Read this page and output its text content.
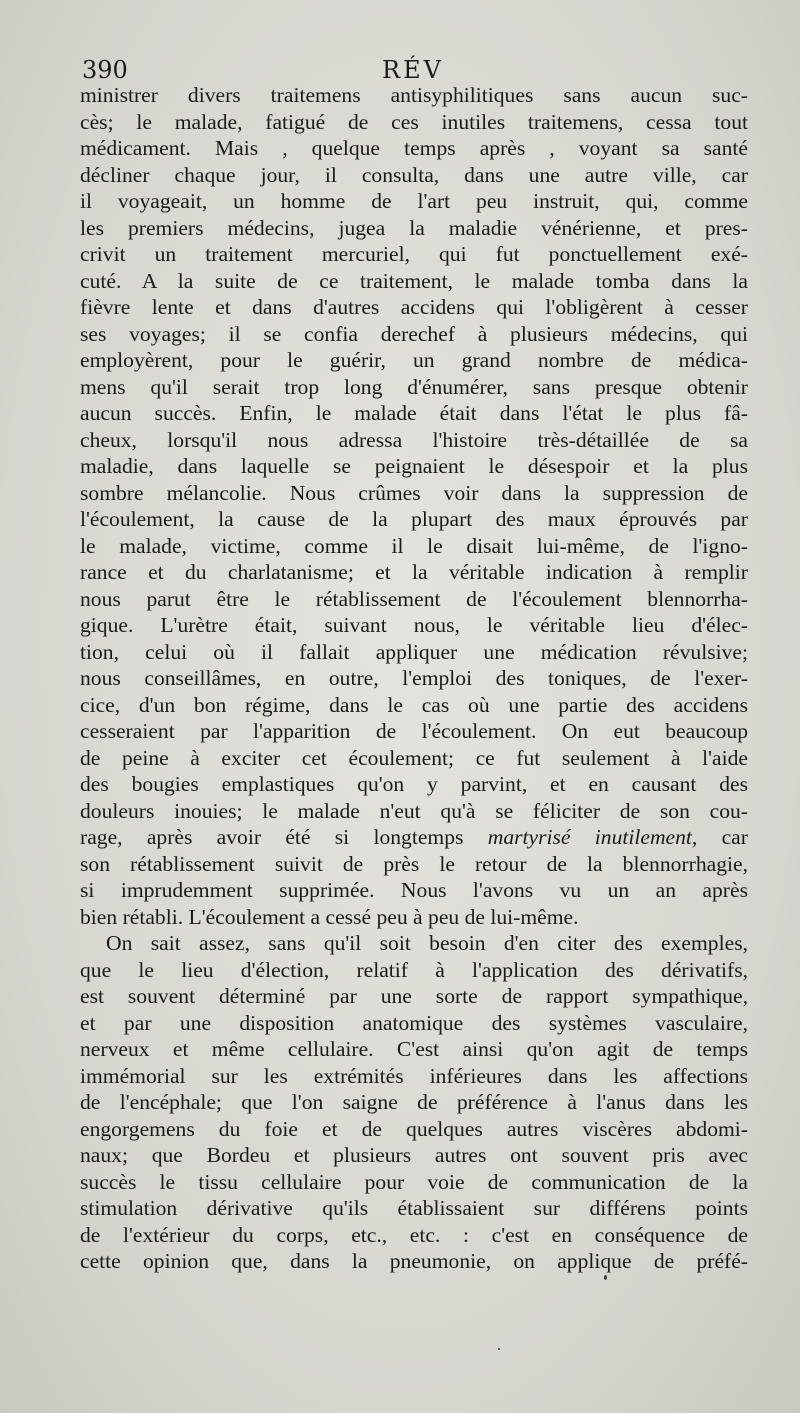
390	RÉV
ministrer divers traitemens antisyphilitiques sans aucun suc-
cès; le malade, fatigué de ces inutiles traitemens, cessa tout
médicament. Mais , quelque temps après , voyant sa santé
décliner chaque jour, il consulta, dans une autre ville, car
il voyageait, un homme de l'art peu instruit, qui, comme
les premiers médecins, jugea la maladie vénérienne, et pres-
crivit un traitement mercuriel, qui fut ponctuellement exé-
cuté. A la suite de ce traitement, le malade tomba dans la
fièvre lente et dans d'autres accidens qui l'obligèrent à cesser
ses voyages; il se confia derechef à plusieurs médecins, qui
employèrent, pour le guérir, un grand nombre de médica-
mens qu'il serait trop long d'énumérer, sans presque obtenir
aucun succès. Enfin, le malade était dans l'état le plus fâ-
cheux, lorsqu'il nous adressa l'histoire très-détaillée de sa
maladie, dans laquelle se peignaient le désespoir et la plus
sombre mélancolie. Nous crûmes voir dans la suppression de
l'écoulement, la cause de la plupart des maux éprouvés par
le malade, victime, comme il le disait lui-même, de l'igno-
rance et du charlatanisme; et la véritable indication à remplir
nous parut être le rétablissement de l'écoulement blennorrha-
gique. L'urètre était, suivant nous, le véritable lieu d'élec-
tion, celui où il fallait appliquer une médication révulsive;
nous conseillâmes, en outre, l'emploi des toniques, de l'exer-
cice, d'un bon régime, dans le cas où une partie des accidens
cesseraient par l'apparition de l'écoulement. On eut beaucoup
de peine à exciter cet écoulement; ce fut seulement à l'aide
des bougies emplastiques qu'on y parvint, et en causant des
douleurs inouies; le malade n'eut qu'à se féliciter de son cou-
rage, après avoir été si longtemps martyrisé inutilement, car
son rétablissement suivit de près le retour de la blennorrhagie,
si imprudemment supprimée. Nous l'avons vu un an après
bien rétabli. L'écoulement a cessé peu à peu de lui-même.
On sait assez, sans qu'il soit besoin d'en citer des exemples,
que le lieu d'élection, relatif à l'application des dérivatifs,
est souvent déterminé par une sorte de rapport sympathique,
et par une disposition anatomique des systèmes vasculaire,
nerveux et même cellulaire. C'est ainsi qu'on agit de temps
immémorial sur les extrémités inférieures dans les affections
de l'encéphale; que l'on saigne de préférence à l'anus dans les
engorgemens du foie et de quelques autres viscères abdomi-
naux; que Bordeu et plusieurs autres ont souvent pris avec
succès le tissu cellulaire pour voie de communication de la
stimulation dérivative qu'ils établissaient sur différens points
de l'extérieur du corps, etc., etc. : c'est en conséquence de
cette opinion que, dans la pneumonie, on applique de préfé-
